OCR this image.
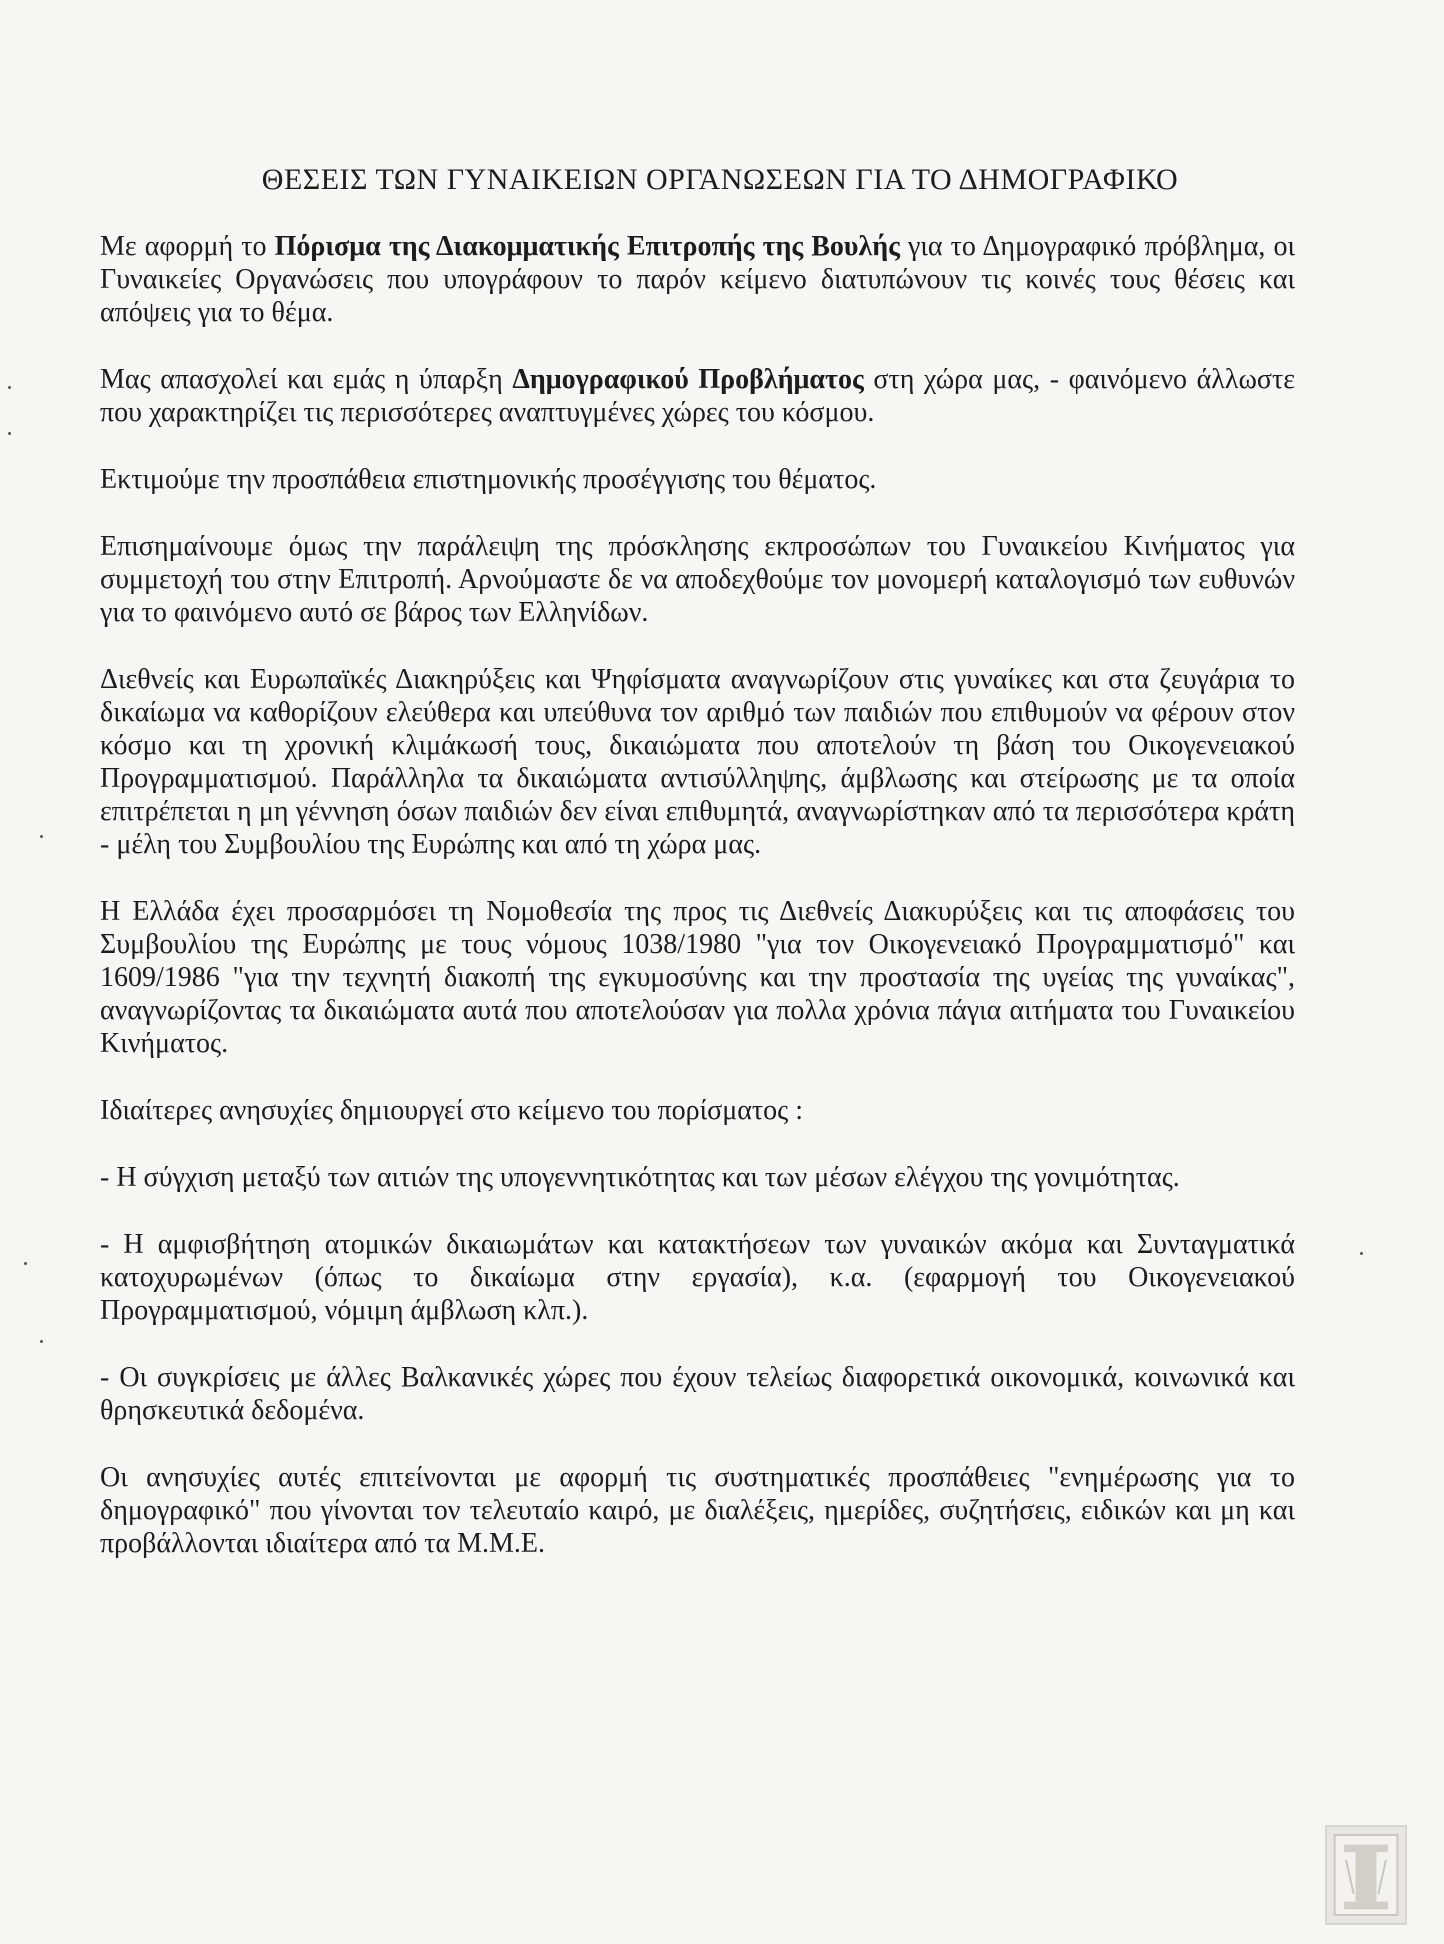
ΘΕΣΕΙΣ ΤΩΝ ΓΥΝΑΙΚΕΙΩΝ ΟΡΓΑΝΩΣΕΩΝ ΓΙΑ ΤΟ ΔΗΜΟΓΡΑΦΙΚΟ

Με αφορμή το Πόρισμα της Διακομματικής Επιτροπής της Βουλής για το Δημογραφικό πρόβλημα, οι Γυναικείες Οργανώσεις που υπογράφουν το παρόν κείμενο διατυπώνουν τις κοινές τους θέσεις και απόψεις για το θέμα.

Μας απασχολεί και εμάς η ύπαρξη Δημογραφικού Προβλήματος στη χώρα μας, - φαινόμενο άλλωστε που χαρακτηρίζει τις περισσότερες αναπτυγμένες χώρες του κόσμου.

Εκτιμούμε την προσπάθεια επιστημονικής προσέγγισης του θέματος.

Επισημαίνουμε όμως την παράλειψη της πρόσκλησης εκπροσώπων του Γυναικείου Κινήματος για συμμετοχή του στην Επιτροπή. Αρνούμαστε δε να αποδεχθούμε τον μονομερή καταλογισμό των ευθυνών για το φαινόμενο αυτό σε βάρος των Ελληνίδων.

Διεθνείς και Ευρωπαϊκές Διακηρύξεις και Ψηφίσματα αναγνωρίζουν στις γυναίκες και στα ζευγάρια το δικαίωμα να καθορίζουν ελεύθερα και υπεύθυνα τον αριθμό των παιδιών που επιθυμούν να φέρουν στον κόσμο και τη χρονική κλιμάκωσή τους, δικαιώματα που αποτελούν τη βάση του Οικογενειακού Προγραμματισμού. Παράλληλα τα δικαιώματα αντισύλληψης, άμβλωσης και στείρωσης με τα οποία επιτρέπεται η μη γέννηση όσων παιδιών δεν είναι επιθυμητά, αναγνωρίστηκαν από τα περισσότερα κράτη - μέλη του Συμβουλίου της Ευρώπης και από τη χώρα μας.

Η Ελλάδα έχει προσαρμόσει τη Νομοθεσία της προς τις Διεθνείς Διακυρύξεις και τις αποφάσεις του Συμβουλίου της Ευρώπης με τους νόμους 1038/1980 "για τον Οικογενειακό Προγραμματισμό" και 1609/1986 "για την τεχνητή διακοπή της εγκυμοσύνης και την προστασία της υγείας της γυναίκας", αναγνωρίζοντας τα δικαιώματα αυτά που αποτελούσαν για πολλα χρόνια πάγια αιτήματα του Γυναικείου Κινήματος.

Ιδιαίτερες ανησυχίες δημιουργεί στο κείμενο του πορίσματος :

- Η σύγχιση μεταξύ των αιτιών της υπογεννητικότητας και των μέσων ελέγχου της γονιμότητας.

- Η αμφισβήτηση ατομικών δικαιωμάτων και κατακτήσεων των γυναικών ακόμα και Συνταγματικά κατοχυρωμένων (όπως το δικαίωμα στην εργασία), κ.α. (εφαρμογή του Οικογενειακού Προγραμματισμού, νόμιμη άμβλωση κλπ.).

- Οι συγκρίσεις με άλλες Βαλκανικές χώρες που έχουν τελείως διαφορετικά οικονομικά, κοινωνικά και θρησκευτικά δεδομένα.

Οι ανησυχίες αυτές επιτείνονται με αφορμή τις συστηματικές προσπάθειες "ενημέρωσης για το δημογραφικό" που γίνονται τον τελευταίο καιρό, με διαλέξεις, ημερίδες, συζητήσεις, ειδικών και μη και προβάλλονται ιδιαίτερα από τα Μ.Μ.Ε.
